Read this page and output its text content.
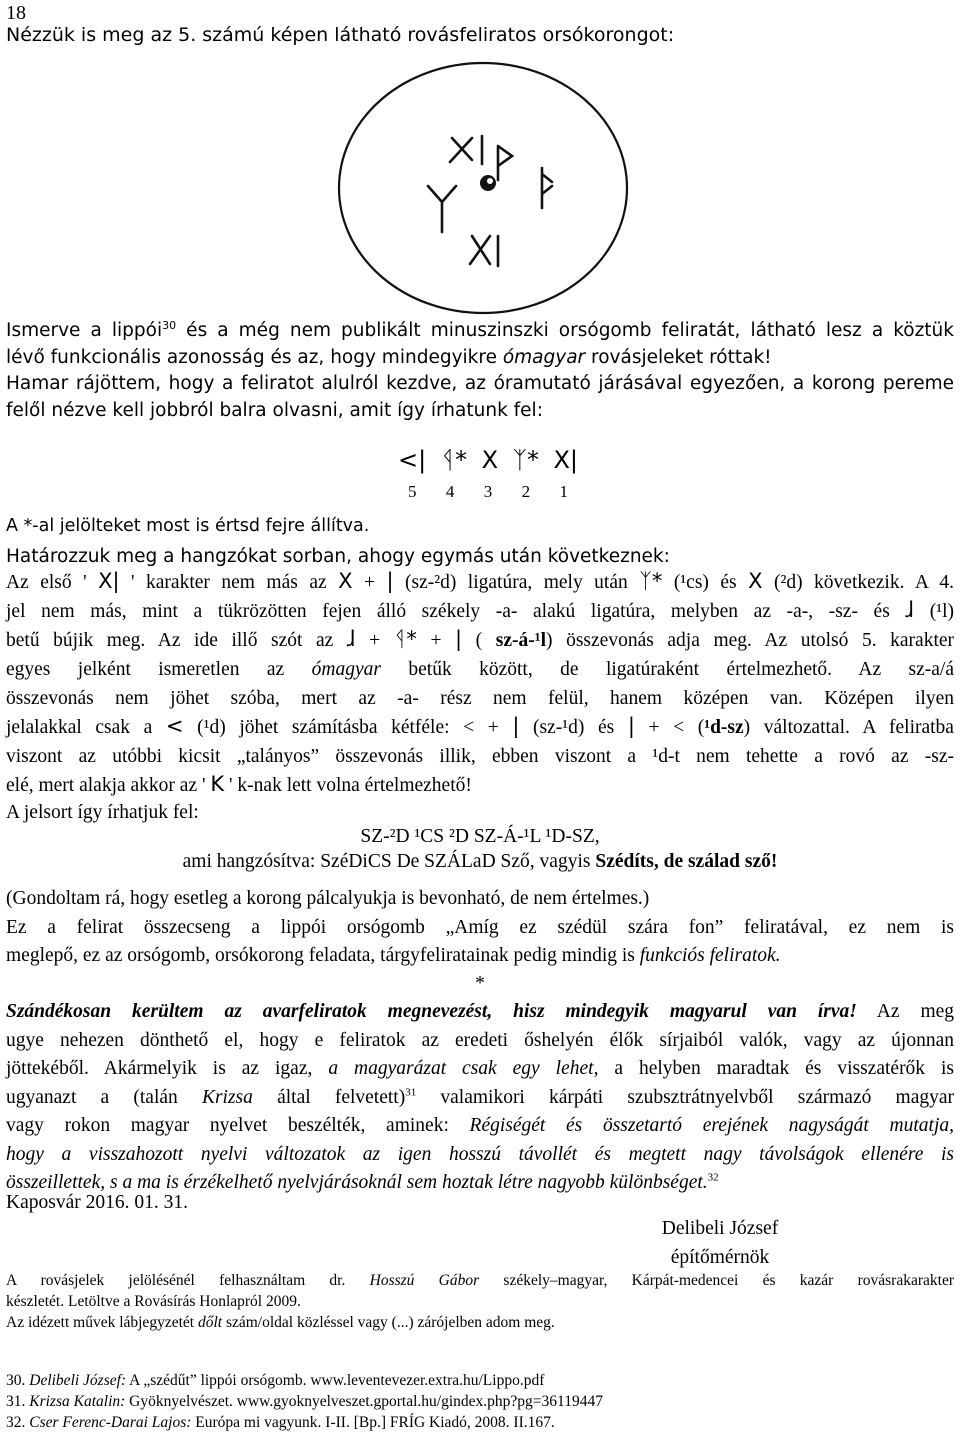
18
Nézzük is meg az 5. számú képen látható rovásfeliratos orsókorongot:

Ismerve a lippói$^{30}$ és a még nem publikált minuszinszki orsógomb feliratát, látható lesz a köztük

lévő funkcionális azonosság és az, hogy mindegyikre ómagyar rovásjeleket róttak!

Hamar rájöttem, hogy a feliratot alulról kezdve, az óramutató járásával egyezően, a korong pereme

felől nézve kell jobbról balra olvasni, amit így írhatunk fel:

<| ᛩ* X ᛉ* X|
5 4 3 2 1
A *-al jelölteket most is értsd fejre állítva.
Határozzuk meg a hangzókat sorban, ahogy egymás után következnek:

Az első ' X| ' karakter nem más az X + | (sz-²d) ligatúra, mely után ᛉ* (¹cs) és X (²d) következik. A 4.

jel nem más, mint a tükrözötten fejen álló székely -a- alakú ligatúra, melyben az -a-, -sz- és ɺ (¹l)

betű bújik meg. Az ide illő szót az ɺ + ᛩ* + | ( sz-á-¹l) összevonás adja meg. Az utolsó 5. karakter

egyes jelként ismeretlen az ómagyar betűk között, de ligatúraként értelmezhető. Az sz-a/á

összevonás nem jöhet szóba, mert az -a- rész nem felül, hanem középen van. Középen ilyen

jelalakkal csak a < (¹d) jöhet számításba kétféle: < + | (sz-¹d) és | + < (¹d-sz) változattal. A feliratba

viszont az utóbbi kicsit „talányos” összevonás illik, ebben viszont a ¹d-t nem tehette a rovó az -sz-

elé, mert alakja akkor az ' K ' k-nak lett volna értelmezhető!

A jelsort így írhatjuk fel:
SZ-²D ¹CS ²D SZ-Á-¹L ¹D-SZ,
ami hangzósítva: SzéDiCS De SZÁLaD Sző, vagyis Szédíts, de szálad sző!
(Gondoltam rá, hogy esetleg a korong pálcalyukja is bevonható, de nem értelmes.)

Ez a felirat összecseng a lippói orsógomb „Amíg ez szédül szára fon” feliratával, ez nem is

meglepő, ez az orsógomb, orsókorong feladata, tárgyfeliratainak pedig mindig is funkciós feliratok.

*

Szándékosan kerültem az avarfeliratok megnevezést, hisz mindegyik magyarul van írva! Az meg

ugye nehezen dönthető el, hogy e feliratok az eredeti őshelyén élők sírjaiból valók, vagy az újonnan

jöttekéből. Akármelyik is az igaz, a magyarázat csak egy lehet, a helyben maradtak és visszatérők is

ugyanazt a (talán Krizsa által felvetett)$^{31}$ valamikori kárpáti szubsztrátnyelvből származó magyar

vagy rokon magyar nyelvet beszélték, aminek: Régiségét és összetartó erejének nagyságát mutatja,

hogy a visszahozott nyelvi változatok az igen hosszú távollét és megtett nagy távolságok ellenére is

összeillettek, s a ma is érzékelhető nyelvjárásoknál sem hoztak létre nagyobb különbséget.$^{32}$

Kaposvár 2016. 01. 31.
Delibeli József
építőmérnök

A rovásjelek jelölésénél felhasználtam dr. Hosszú Gábor székely–magyar, Kárpát-medencei és kazár rovásrakarakter

készletét. Letöltve a Rovásírás Honlapról 2009.

Az idézett művek lábjegyzetét dőlt szám/oldal közléssel vagy (...) zárójelben adom meg.

30. Delibeli József: A „szédűt” lippói orsógomb. www.leventevezer.extra.hu/Lippo.pdf

31. Krizsa Katalin: Gyöknyelvészet. www.gyoknyelveszet.gportal.hu/gindex.php?pg=36119447

32. Cser Ferenc-Darai Lajos: Európa mi vagyunk. I-II. [Bp.] FRÍG Kiadó, 2008. II.167.
